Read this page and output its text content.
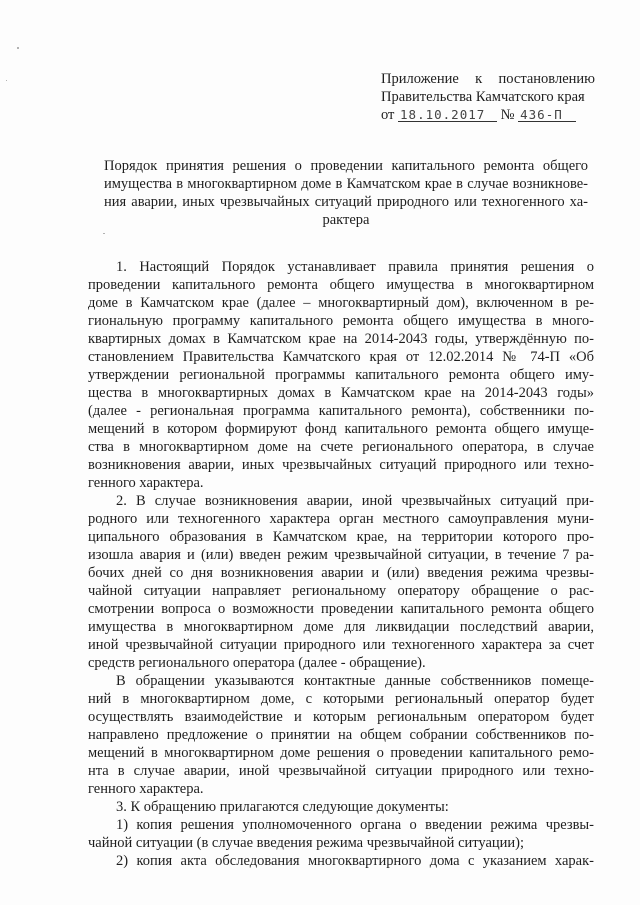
Приложение к постановлению
Правительства Камчатского края
от 18.10.2017 № 436-П
Порядок принятия решения о проведении капитального ремонта общего
имущества в многоквартирном доме в Камчатском крае в случае возникнове-
ния аварии, иных чрезвычайных ситуаций природного или техногенного ха-
рактера
1. Настоящий Порядок устанавливает правила принятия решения о
проведении капитального ремонта общего имущества в многоквартирном
доме в Камчатском крае (далее – многоквартирный дом), включенном в ре-
гиональную программу капитального ремонта общего имущества в много-
квартирных домах в Камчатском крае на 2014-2043 годы, утверждённую по-
становлением Правительства Камчатского края от 12.02.2014 № 74-П «Об
утверждении региональной программы капитального ремонта общего иму-
щества в многоквартирных домах в Камчатском крае на 2014-2043 годы»
(далее - региональная программа капитального ремонта), собственники по-
мещений в котором формируют фонд капитального ремонта общего имуще-
ства в многоквартирном доме на счете регионального оператора, в случае
возникновения аварии, иных чрезвычайных ситуаций природного или техно-
генного характера.
2. В случае возникновения аварии, иной чрезвычайных ситуаций при-
родного или техногенного характера орган местного самоуправления муни-
ципального образования в Камчатском крае, на территории которого про-
изошла авария и (или) введен режим чрезвычайной ситуации, в течение 7 ра-
бочих дней со дня возникновения аварии и (или) введения режима чрезвы-
чайной ситуации направляет региональному оператору обращение о рас-
смотрении вопроса о возможности проведении капитального ремонта общего
имущества в многоквартирном доме для ликвидации последствий аварии,
иной чрезвычайной ситуации природного или техногенного характера за счет
средств регионального оператора (далее - обращение).
В обращении указываются контактные данные собственников помеще-
ний в многоквартирном доме, с которыми региональный оператор будет
осуществлять взаимодействие и которым региональным оператором будет
направлено предложение о принятии на общем собрании собственников по-
мещений в многоквартирном доме решения о проведении капитального ремо-
нта в случае аварии, иной чрезвычайной ситуации природного или техно-
генного характера.
3. К обращению прилагаются следующие документы:
1) копия решения уполномоченного органа о введении режима чрезвы-
чайной ситуации (в случае введения режима чрезвычайной ситуации);
2) копия акта обследования многоквартирного дома с указанием харак-
